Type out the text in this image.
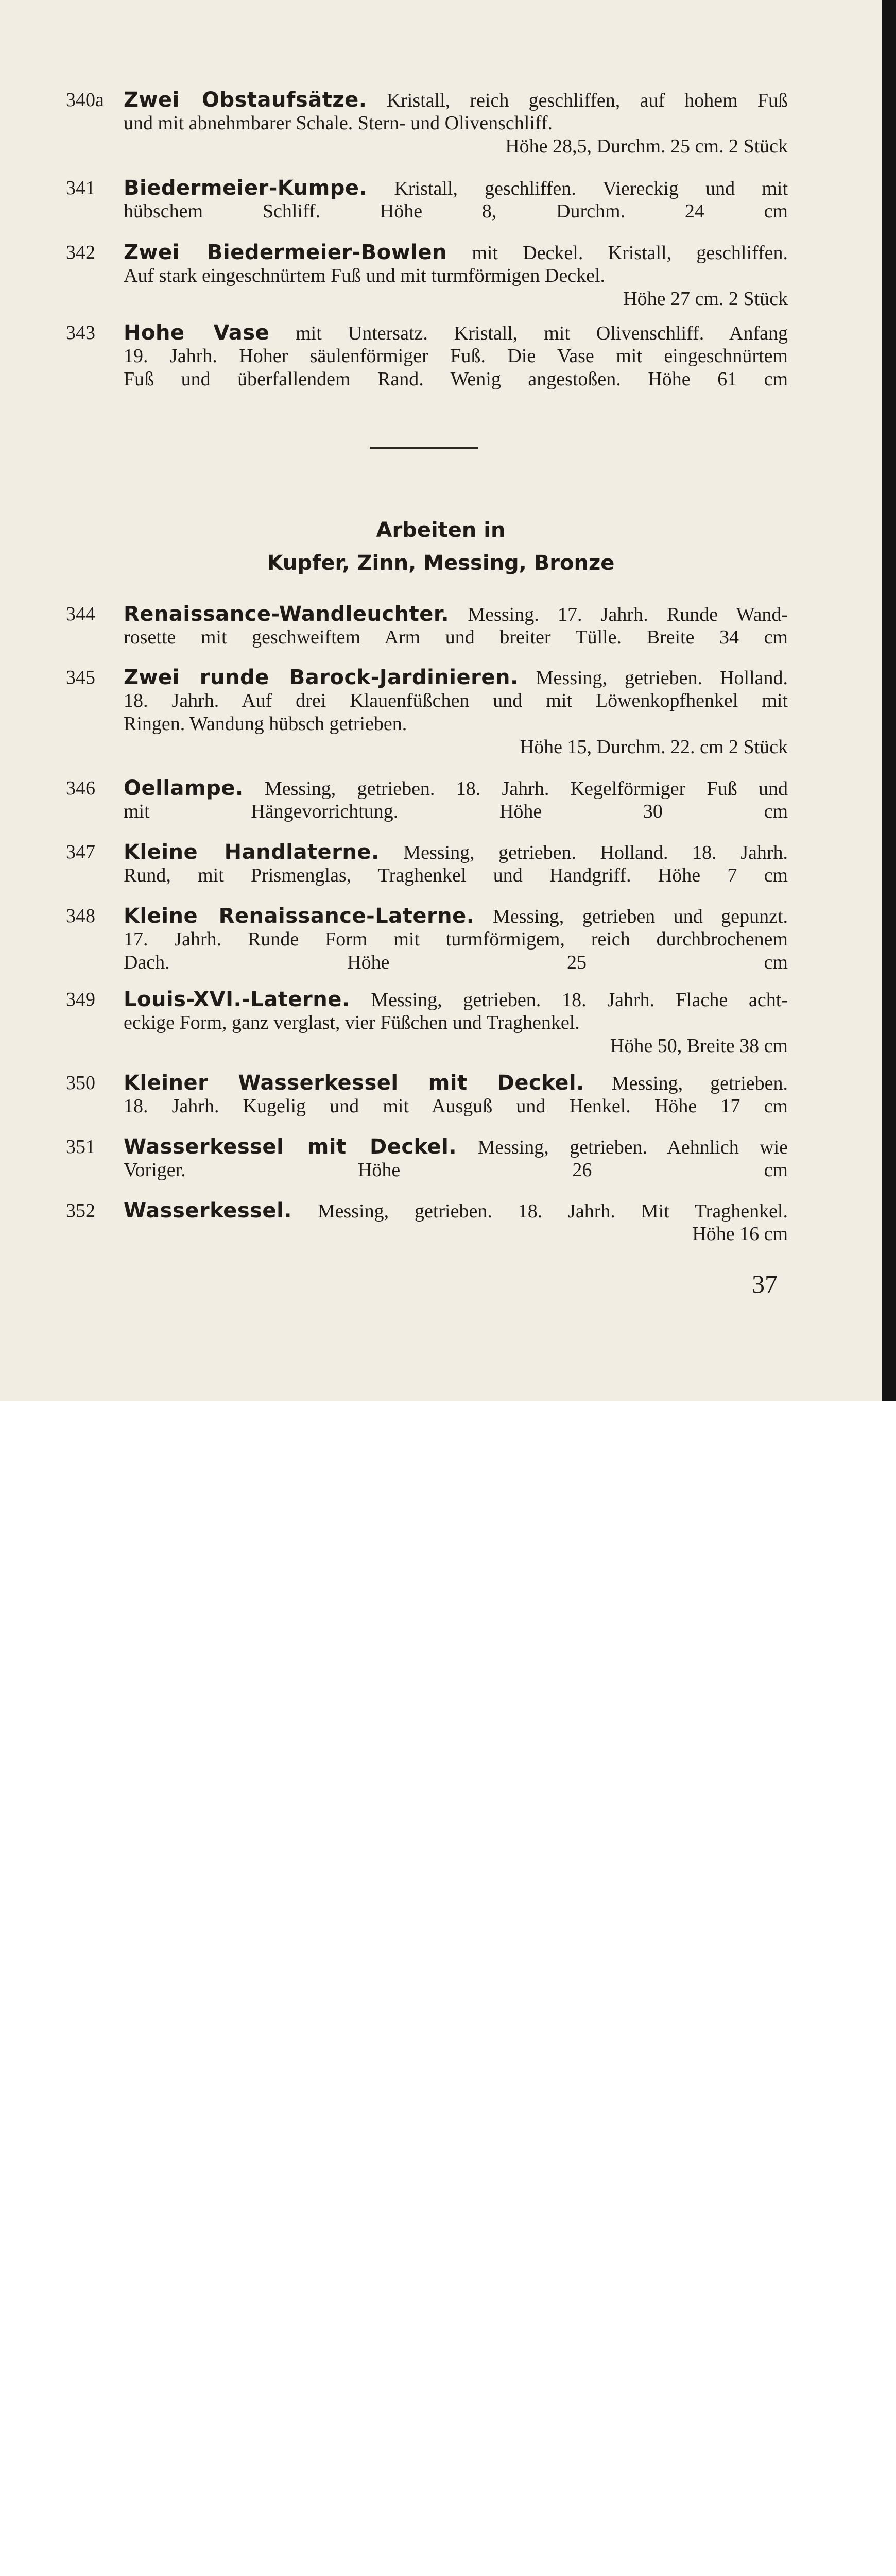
340a Zwei Obstaufsätze. Kristall, reich geschliffen, auf hohem Fuß
und mit abnehmbarer Schale. Stern- und Olivenschliff.
Höhe 28,5, Durchm. 25 cm. 2 Stück
341	Biedermeier-Kumpe. Kristall, geschliffen. Viereckig und mit
hübschem Schliff. Höhe 8, Durchm. 24 cm
342	Zwei Biedermeier-Bowlen mit Deckel. Kristall, geschliffen.
Auf stark eingeschnürtem Fuß und mit turmförmigen Deckel.
Höhe 27 cm. 2 Stück
343	Hohe Vase mit Untersatz. Kristall, mit Olivenschliff. Anfang
19. Jahrh. Hoher säulenförmiger Fuß. Die Vase mit eingeschnürtem
Fuß und überfallendem Rand. Wenig angestoßen. Höhe 61 cm
Arbeiten in
Kupfer, Zinn, Messing, Bronze
344	Renaissance-Wandleuchter. Messing. 17. Jahrh. Runde Wand-
rosette mit geschweiftem Arm und breiter Tülle. Breite 34 cm
345	Zwei runde Barock-Jardinieren. Messing, getrieben. Holland.
18. Jahrh. Auf drei Klauenfüßchen und mit Löwenkopfhenkel mit
Ringen. Wandung hübsch getrieben.
Höhe 15, Durchm. 22. cm 2 Stück
346	Oellampe. Messing, getrieben. 18. Jahrh. Kegelförmiger Fuß und
mit Hängevorrichtung. Höhe 30 cm
347	Kleine Handlaterne. Messing, getrieben. Holland. 18. Jahrh.
Rund, mit Prismenglas, Traghenkel und Handgriff. Höhe 7 cm
348	Kleine Renaissance-Laterne. Messing, getrieben und gepunzt.
17. Jahrh. Runde Form mit turmförmigem, reich durchbrochenem
Dach. Höhe 25 cm
349	Louis-XVI.-Laterne. Messing, getrieben. 18. Jahrh. Flache acht-
eckige Form, ganz verglast, vier Füßchen und Traghenkel.
Höhe 50, Breite 38 cm
350	Kleiner Wasserkessel mit Deckel. Messing, getrieben.
18. Jahrh. Kugelig und mit Ausguß und Henkel. Höhe 17 cm
351	Wasserkessel mit Deckel. Messing, getrieben. Aehnlich wie
Voriger. Höhe 26 cm
352	Wasserkessel. Messing, getrieben. 18. Jahrh. Mit Traghenkel.
Höhe 16 cm
37
